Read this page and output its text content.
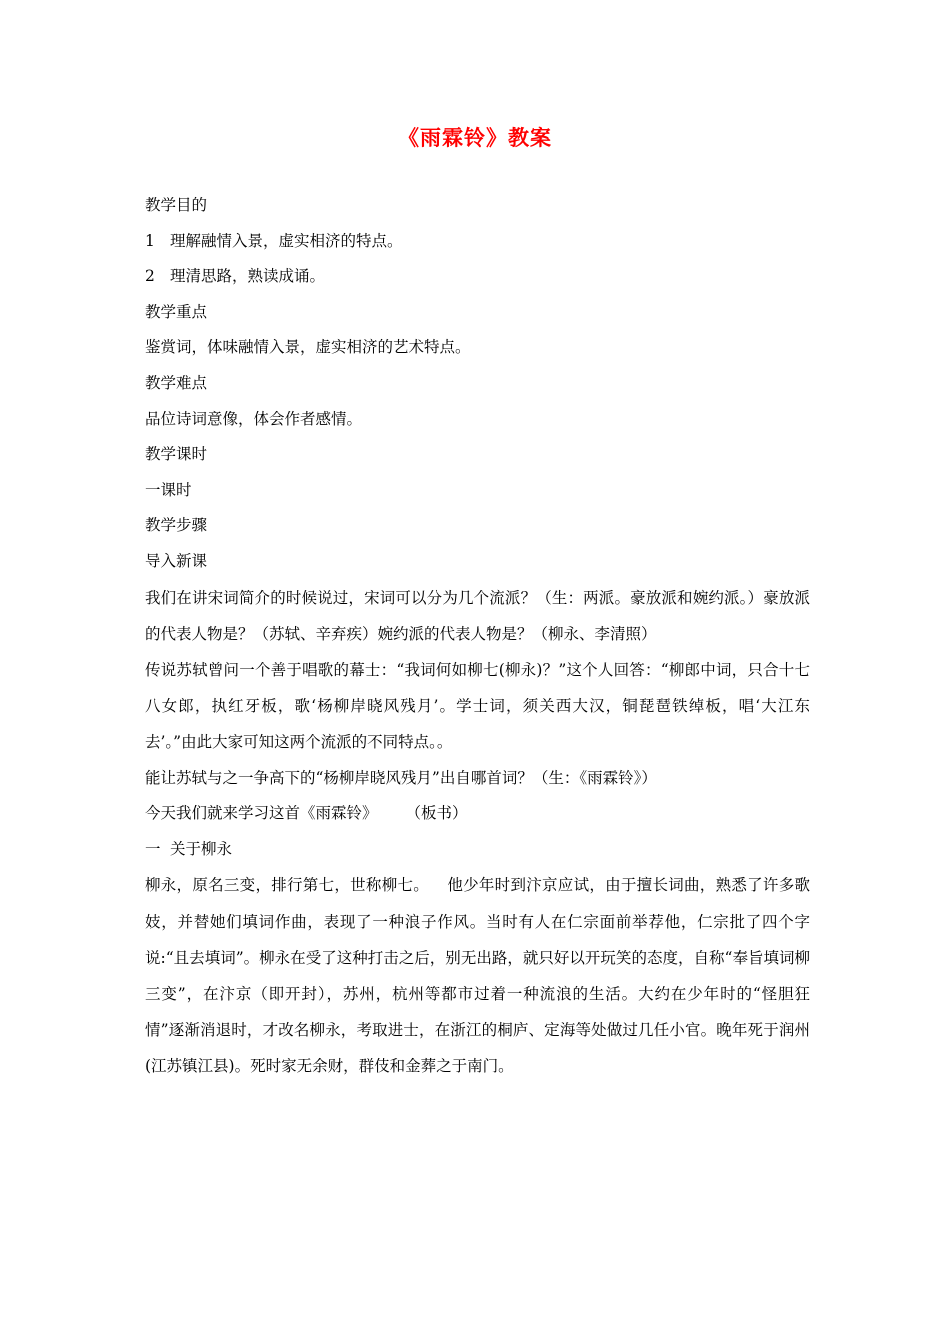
《雨霖铃》教案
教学目的
1 理解融情入景，虚实相济的特点。
2 理清思路，熟读成诵。
教学重点
鉴赏词，体味融情入景，虚实相济的艺术特点。
教学难点
品位诗词意像，体会作者感情。
教学课时
一课时
教学步骤
导入新课
我们在讲宋词简介的时候说过，宋词可以分为几个流派？（生：两派。豪放派和婉约派。）豪放派的代表人物是？（苏轼、辛弃疾）婉约派的代表人物是？（柳永、李清照）
传说苏轼曾问一个善于唱歌的幕士：“我词何如柳七(柳永)？”这个人回答：“柳郎中词，只合十七八女郎，执红牙板，歌‘杨柳岸晓风残月’。学士词，须关西大汉，铜琵琶铁绰板，唱‘大江东去’。”由此大家可知这两个流派的不同特点。。
能让苏轼与之一争高下的“杨柳岸晓风残月”出自哪首词？（生：《雨霖铃》）
今天我们就来学习这首《雨霖铃》 （板书）
一 关于柳永
柳永，原名三变，排行第七，世称柳七。 他少年时到汴京应试，由于擅长词曲，熟悉了许多歌妓，并替她们填词作曲，表现了一种浪子作风。当时有人在仁宗面前举荐他，仁宗批了四个字说:“且去填词”。柳永在受了这种打击之后，别无出路，就只好以开玩笑的态度，自称“奉旨填词柳三变”，在汴京（即开封），苏州，杭州等都市过着一种流浪的生活。大约在少年时的“怪胆狂情”逐渐消退时，才改名柳永，考取进士，在浙江的桐庐、定海等处做过几任小官。晚年死于润州(江苏镇江县)。死时家无余财，群伎和金葬之于南门。
